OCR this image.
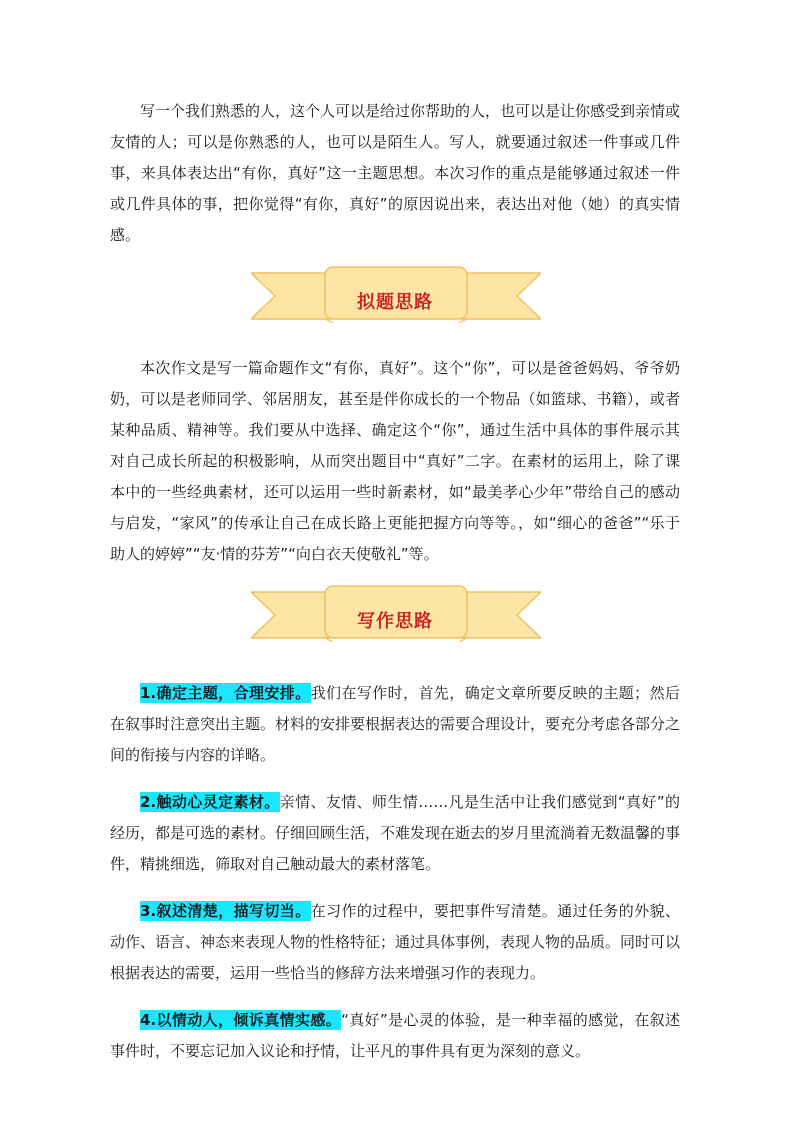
写一个我们熟悉的人，这个人可以是给过你帮助的人，也可以是让你感受到亲情或友情的人；可以是你熟悉的人，也可以是陌生人。写人，就要通过叙述一件事或几件事，来具体表达出“有你，真好”这一主题思想。本次习作的重点是能够通过叙述一件或几件具体的事，把你觉得“有你，真好”的原因说出来，表达出对他（她）的真实情感。

拟题思路

本次作文是写一篇命题作文“有你，真好”。这个“你”，可以是爸爸妈妈、爷爷奶奶，可以是老师同学、邻居朋友，甚至是伴你成长的一个物品（如篮球、书籍），或者某种品质、精神等。我们要从中选择、确定这个“你”，通过生活中具体的事件展示其对自己成长所起的积极影响，从而突出题目中“真好”二字。在素材的运用上，除了课本中的一些经典素材，还可以运用一些时新素材，如“最美孝心少年”带给自己的感动与启发，“家风”的传承让自己在成长路上更能把握方向等等。，如“细心的爸爸”“乐于助人的婷婷”“友·情的芬芳”“向白衣天使敬礼”等。

写作思路

1.确定主题，合理安排。我们在写作时，首先，确定文章所要反映的主题；然后在叙事时注意突出主题。材料的安排要根据表达的需要合理设计，要充分考虑各部分之间的衔接与内容的详略。

2.触动心灵定素材。亲情、友情、师生情……凡是生活中让我们感觉到“真好”的经历，都是可选的素材。仔细回顾生活，不难发现在逝去的岁月里流淌着无数温馨的事件，精挑细选，筛取对自己触动最大的素材落笔。

3.叙述清楚，描写切当。在习作的过程中，要把事件写清楚。通过任务的外貌、动作、语言、神态来表现人物的性格特征；通过具体事例，表现人物的品质。同时可以根据表达的需要，运用一些恰当的修辞方法来增强习作的表现力。

4.以情动人，倾诉真情实感。“真好”是心灵的体验，是一种幸福的感觉，在叙述事件时，不要忘记加入议论和抒情，让平凡的事件具有更为深刻的意义。
